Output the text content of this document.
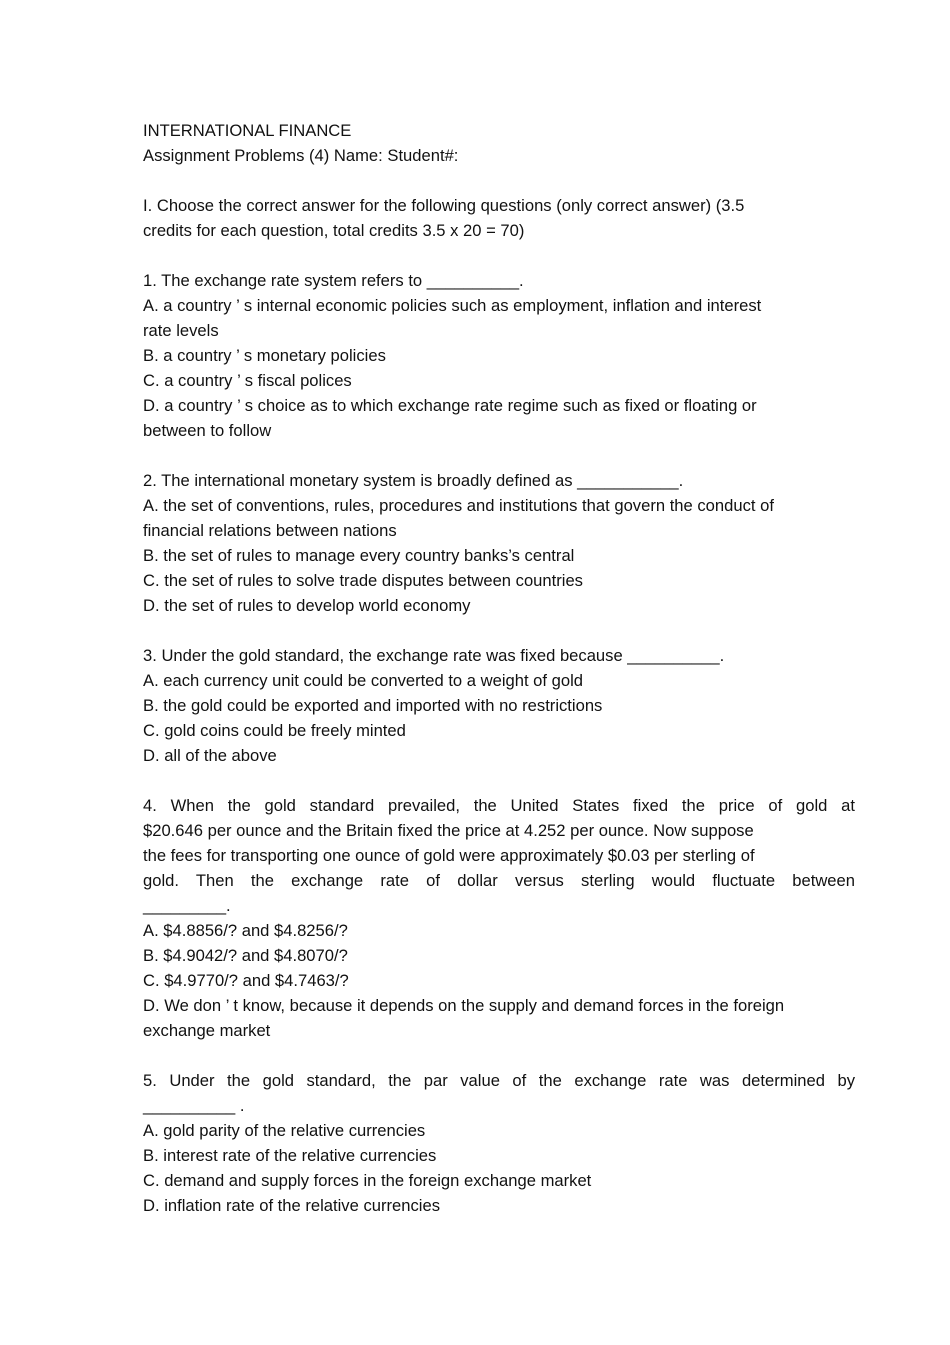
INTERNATIONAL FINANCE
Assignment Problems (4) Name: Student#:
I. Choose the correct answer for the following questions (only correct answer) (3.5
credits for each question, total credits 3.5 x 20 = 70)
1. The exchange rate system refers to __________.
A. a country ’ s internal economic policies such as employment, inflation and interest
rate levels
B. a country ’ s monetary policies
C. a country ’ s fiscal polices
D. a country ’ s choice as to which exchange rate regime such as fixed or floating or
between to follow
2. The international monetary system is broadly defined as ___________.
A. the set of conventions, rules, procedures and institutions that govern the conduct of
financial relations between nations
B. the set of rules to manage every country banks’s central
C. the set of rules to solve trade disputes between countries
D. the set of rules to develop world economy
3. Under the gold standard, the exchange rate was fixed because __________.
A. each currency unit could be converted to a weight of gold
B. the gold could be exported and imported with no restrictions
C. gold coins could be freely minted
D. all of the above
4. When the gold standard prevailed, the United States fixed the price of gold at
$20.646 per ounce and the Britain fixed the price at 4.252 per ounce. Now suppose
the fees for transporting one ounce of gold were approximately $0.03 per sterling of
gold. Then the exchange rate of dollar versus sterling would fluctuate between
_________.
A. $4.8856/? and $4.8256/?
B. $4.9042/? and $4.8070/?
C. $4.9770/? and $4.7463/?
D. We don ’ t know, because it depends on the supply and demand forces in the foreign
exchange market
5. Under the gold standard, the par value of the exchange rate was determined by
__________ .
A. gold parity of the relative currencies
B. interest rate of the relative currencies
C. demand and supply forces in the foreign exchange market
D. inflation rate of the relative currencies
